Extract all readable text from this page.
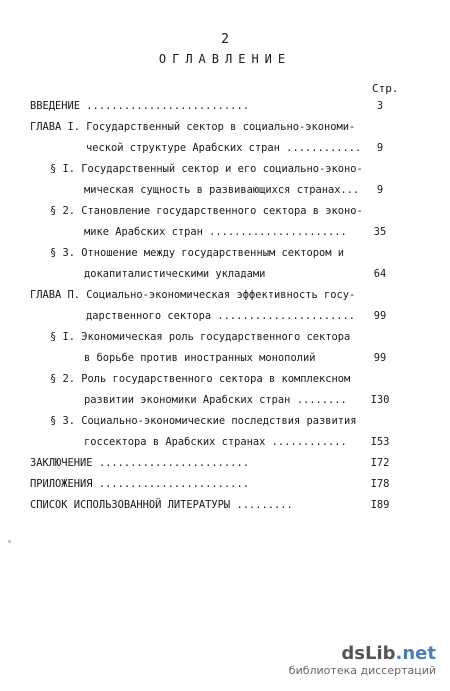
2
ОГЛАВЛЕНИЕ
Стр.
ВВЕДЕНИЕ ..........................	3
ГЛАВА I. Государственный сектор в социально-экономи-
ческой структуре Арабских стран ............	9
§ I. Государственный сектор и его социально-эконо-
мическая сущность в развивающихся странах...	9
§ 2. Становление государственного сектора в эконо-
мике Арабских стран ......................	35
§ 3. Отношение между государственным сектором и
докапиталистическими укладами	64
ГЛАВА П. Социально-экономическая эффективность госу-
дарственного сектора ......................	99
§ I. Экономическая роль государственного сектора
в борьбе против иностранных монополий	99
§ 2. Роль государственного сектора в комплексном
развитии экономики Арабских стран ........	I30
§ 3. Социально-экономические последствия развития
госсектора в Арабских странах ............	I53
ЗАКЛЮЧЕНИЕ ........................	I72
ПРИЛОЖЕНИЯ ........................	I78
СПИСОК ИСПОЛЬЗОВАННОЙ ЛИТЕРАТУРЫ .........	I89
dsLib.net
библиотека диссертаций
